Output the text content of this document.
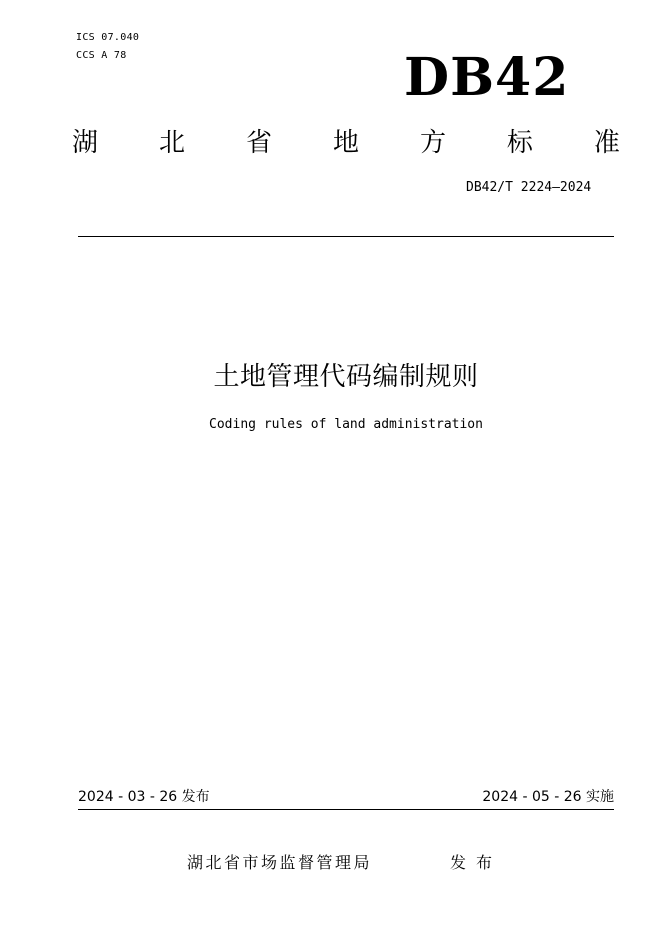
ICS 07.040
CCS A 78	DB42
湖 北 省 地 方 标 准
DB42/T 2224—2024
土地管理代码编制规则
Coding rules of land administration
2024 - 03 - 26 发布	2024 - 05 - 26 实施
湖北省市场监督管理局	发布
